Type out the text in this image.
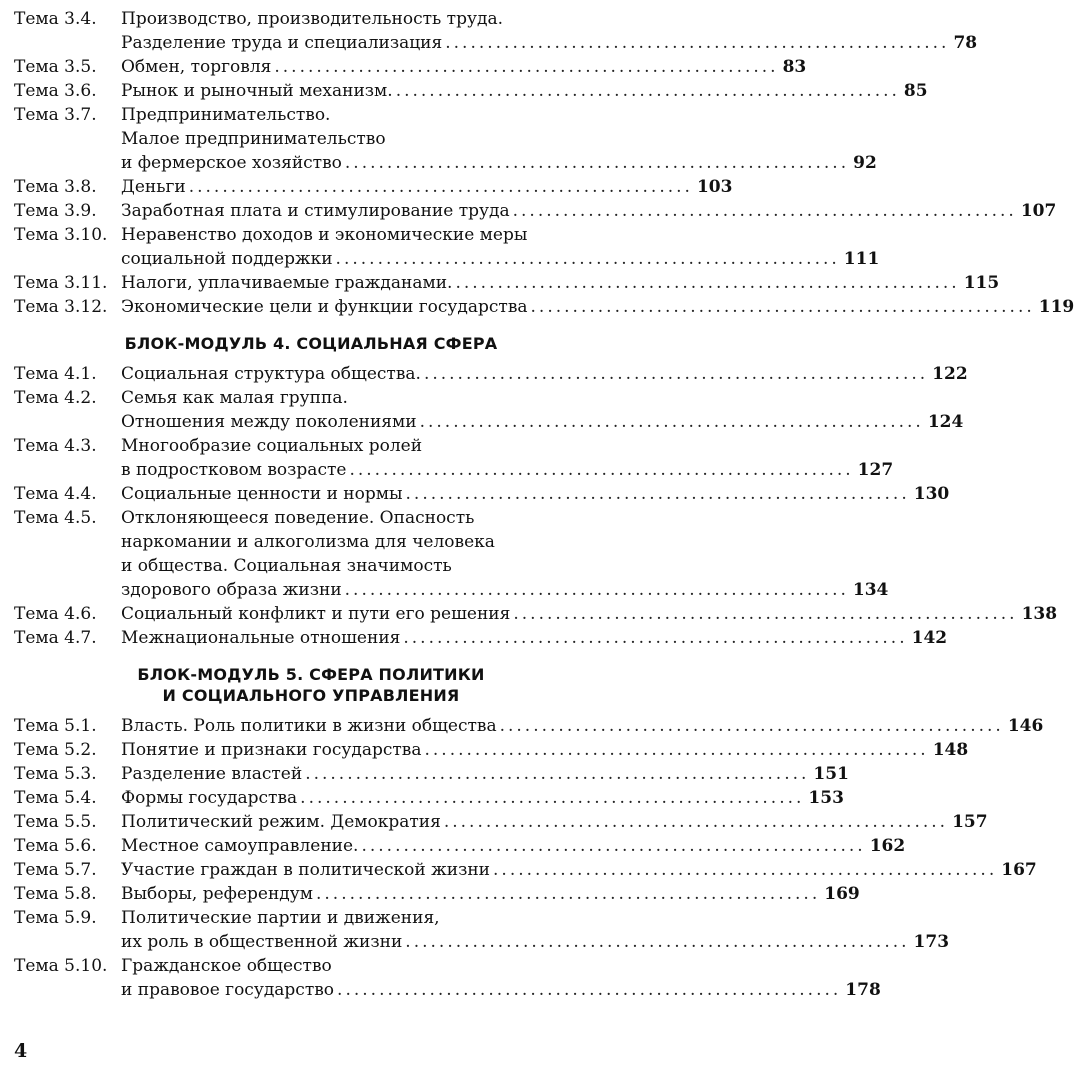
Тема 3.4.	Производство, производительность труда.
Разделение труда и специализация ............................................................ 78
Тема 3.5.	Обмен, торговля ............................................................ 83
Тема 3.6.	Рынок и рыночный механизм. ............................................................ 85
Тема 3.7.	Предпринимательство.
Малое предпринимательство
и фермерское хозяйство ............................................................ 92
Тема 3.8.	Деньги ............................................................ 103
Тема 3.9.	Заработная плата и стимулирование труда ............................................................ 107
Тема 3.10. Неравенство доходов и экономические меры
социальной поддержки ............................................................ 111
Тема 3.11. Налоги, уплачиваемые гражданами. ............................................................ 115
Тема 3.12. Экономические цели и функции государства ............................................................ 119
БЛОК-МОДУЛЬ 4. СОЦИАЛЬНАЯ СФЕРА
Тема 4.1.	Социальная структура общества. ............................................................ 122
Тема 4.2.	Семья как малая группа.
Отношения между поколениями ............................................................ 124
Тема 4.3.	Многообразие социальных ролей
в подростковом возрасте ............................................................ 127
Тема 4.4.	Социальные ценности и нормы ............................................................ 130
Тема 4.5.	Отклоняющееся поведение. Опасность
наркомании и алкоголизма для человека
и общества. Социальная значимость
здорового образа жизни ............................................................ 134
Тема 4.6.	Социальный конфликт и пути его решения ............................................................ 138
Тема 4.7.	Межнациональные отношения ............................................................ 142
БЛОК-МОДУЛЬ 5. СФЕРА ПОЛИТИКИ
И СОЦИАЛЬНОГО УПРАВЛЕНИЯ
Тема 5.1.	Власть. Роль политики в жизни общества ............................................................ 146
Тема 5.2.	Понятие и признаки государства ............................................................ 148
Тема 5.3.	Разделение властей ............................................................ 151
Тема 5.4.	Формы государства ............................................................ 153
Тема 5.5.	Политический режим. Демократия ............................................................ 157
Тема 5.6.	Местное самоуправление. ............................................................ 162
Тема 5.7.	Участие граждан в политической жизни ............................................................ 167
Тема 5.8.	Выборы, референдум ............................................................ 169
Тема 5.9.	Политические партии и движения,
их роль в общественной жизни ............................................................ 173
Тема 5.10. Гражданское общество
и правовое государство ............................................................ 178
4
